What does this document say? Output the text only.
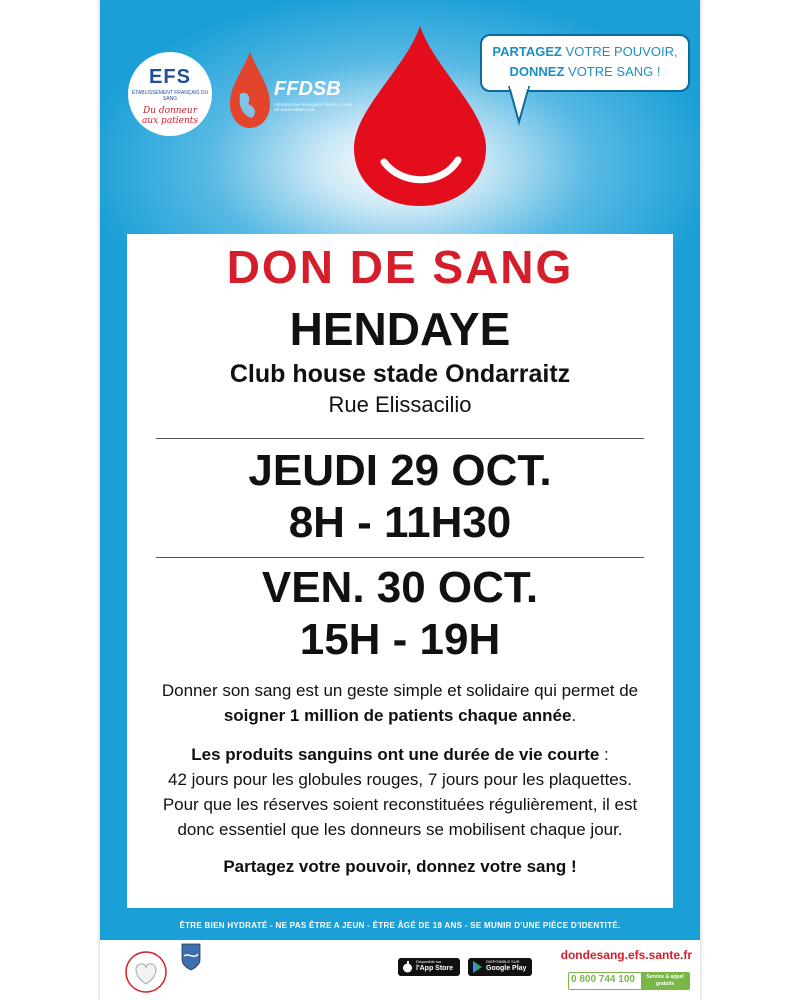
EFS
ÉTABLISSEMENT FRANÇAIS DU SANG
Du donneur aux patients
FFDSB
FÉDÉRATION FRANÇAISE POUR LE DON DE SANG BÉNÉVOLE
PARTAGEZ VOTRE POUVOIR,
DONNEZ VOTRE SANG !
DON DE SANG
HENDAYE
Club house stade Ondarraitz
Rue Elissacilio
JEUDI 29 OCT.
8H - 11H30
VEN. 30 OCT.
15H - 19H
Donner son sang est un geste simple et solidaire qui permet de
soigner 1 million de patients chaque année.
Les produits sanguins ont une durée de vie courte :
42 jours pour les globules rouges, 7 jours pour les plaquettes.
Pour que les réserves soient reconstituées régulièrement, il est
donc essentiel que les donneurs se mobilisent chaque jour.
Partagez votre pouvoir, donnez votre sang !
ÊTRE BIEN HYDRATÉ - NE PAS ÊTRE A JEUN - ÊTRE ÂGÉ DE 18 ANS - SE MUNIR D'UNE PIÈCE D'IDENTITÉ.
Disponible sur
l'App Store
DISPONIBLE SUR
Google Play
dondesang.efs.sante.fr
0 800 744 100	Service & appel gratuits
